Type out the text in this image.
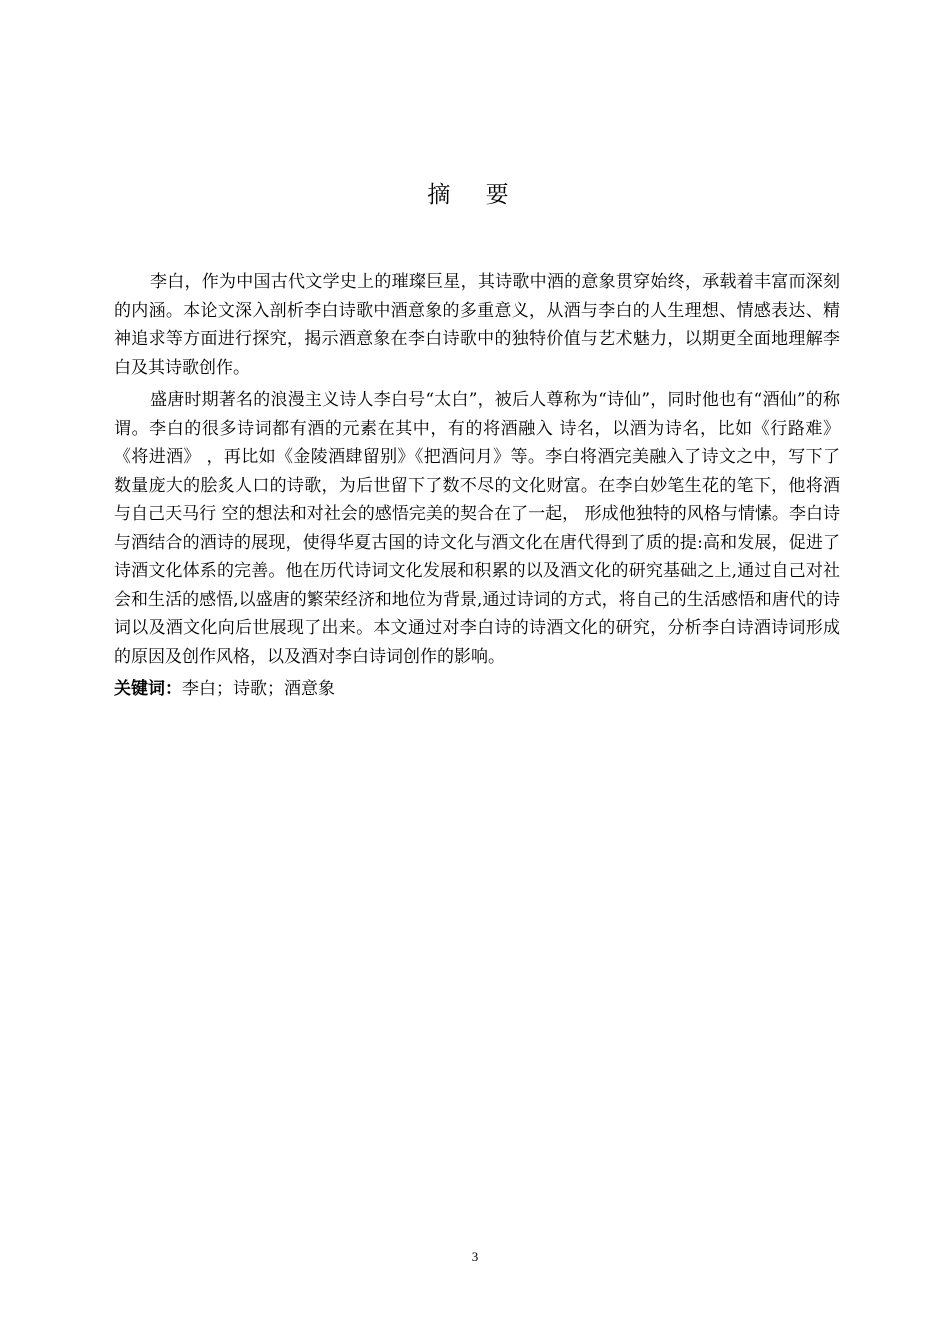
摘 要

李白，作为中国古代文学史上的璀璨巨星，其诗歌中酒的意象贯穿始终，承载着丰富而深刻的内涵。本论文深入剖析李白诗歌中酒意象的多重意义，从酒与李白的人生理想、情感表达、精神追求等方面进行探究，揭示酒意象在李白诗歌中的独特价值与艺术魅力，以期更全面地理解李白及其诗歌创作。

盛唐时期著名的浪漫主义诗人李白号“太白”，被后人尊称为“诗仙”，同时他也有“酒仙”的称谓。李白的很多诗词都有酒的元素在其中，有的将酒融入 诗名，以酒为诗名，比如《行路难》《将进酒》 ，再比如《金陵酒肆留别》《把酒问月》等。李白将酒完美融入了诗文之中，写下了数量庞大的脍炙人口的诗歌，为后世留下了数不尽的文化财富。在李白妙笔生花的笔下，他将酒与自己天马行 空的想法和对社会的感悟完美的契合在了一起， 形成他独特的风格与情愫。李白诗与酒结合的酒诗的展现，使得华夏古国的诗文化与酒文化在唐代得到了质的提:高和发展，促进了诗酒文化体系的完善。他在历代诗词文化发展和积累的以及酒文化的研究基础之上,通过自己对社会和生活的感悟,以盛唐的繁荣经济和地位为背景,通过诗词的方式，将自己的生活感悟和唐代的诗词以及酒文化向后世展现了出来。本文通过对李白诗的诗酒文化的研究，分析李白诗酒诗词形成的原因及创作风格，以及酒对李白诗词创作的影响。

关键词：李白；诗歌；酒意象

3
